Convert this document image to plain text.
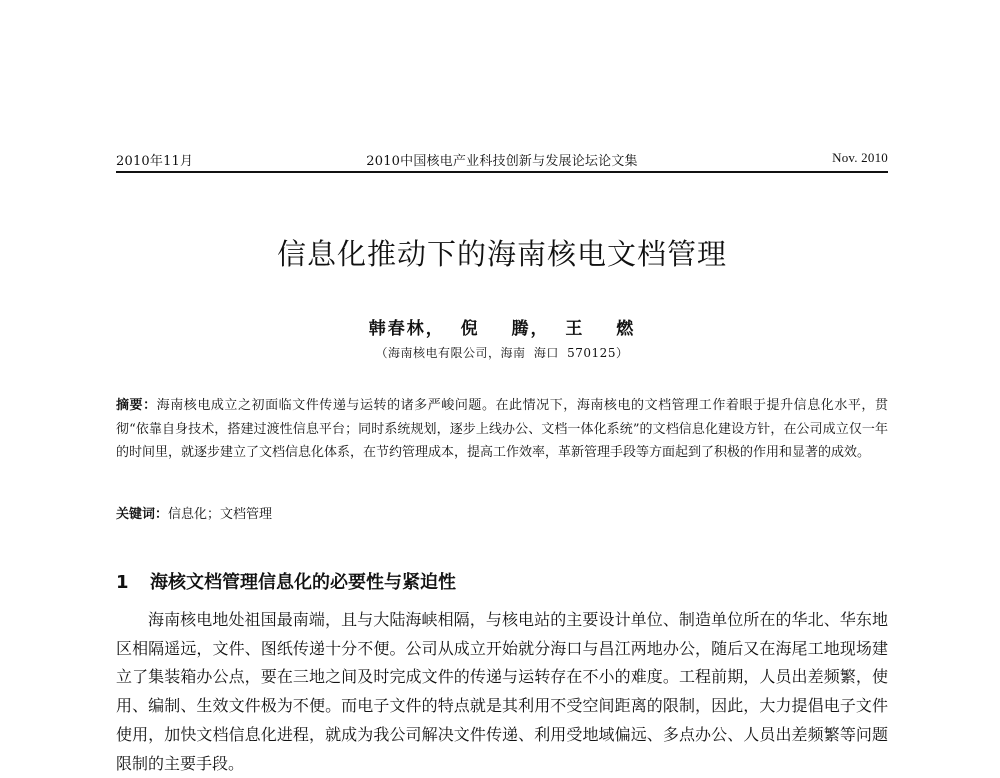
2010年11月	2010中国核电产业科技创新与发展论坛论文集	Nov. 2010
信息化推动下的海南核电文档管理
韩春林， 倪  腾， 王  燃
（海南核电有限公司，海南 海口 570125）
摘要：海南核电成立之初面临文件传递与运转的诸多严峻问题。在此情况下，海南核电的文档管理工作着眼于提升信息化水平，贯彻“依靠自身技术，搭建过渡性信息平台；同时系统规划，逐步上线办公、文档一体化系统”的文档信息化建设方针，在公司成立仅一年的时间里，就逐步建立了文档信息化体系，在节约管理成本，提高工作效率，革新管理手段等方面起到了积极的作用和显著的成效。
关键词：信息化；文档管理
1 海核文档管理信息化的必要性与紧迫性
海南核电地处祖国最南端，且与大陆海峡相隔，与核电站的主要设计单位、制造单位所在的华北、华东地区相隔遥远，文件、图纸传递十分不便。公司从成立开始就分海口与昌江两地办公，随后又在海尾工地现场建立了集装箱办公点，要在三地之间及时完成文件的传递与运转存在不小的难度。工程前期，人员出差频繁，使用、编制、生效文件极为不便。而电子文件的特点就是其利用不受空间距离的限制，因此，大力提倡电子文件使用，加快文档信息化进程，就成为我公司解决文件传递、利用受地域偏远、多点办公、人员出差频繁等问题限制的主要手段。
